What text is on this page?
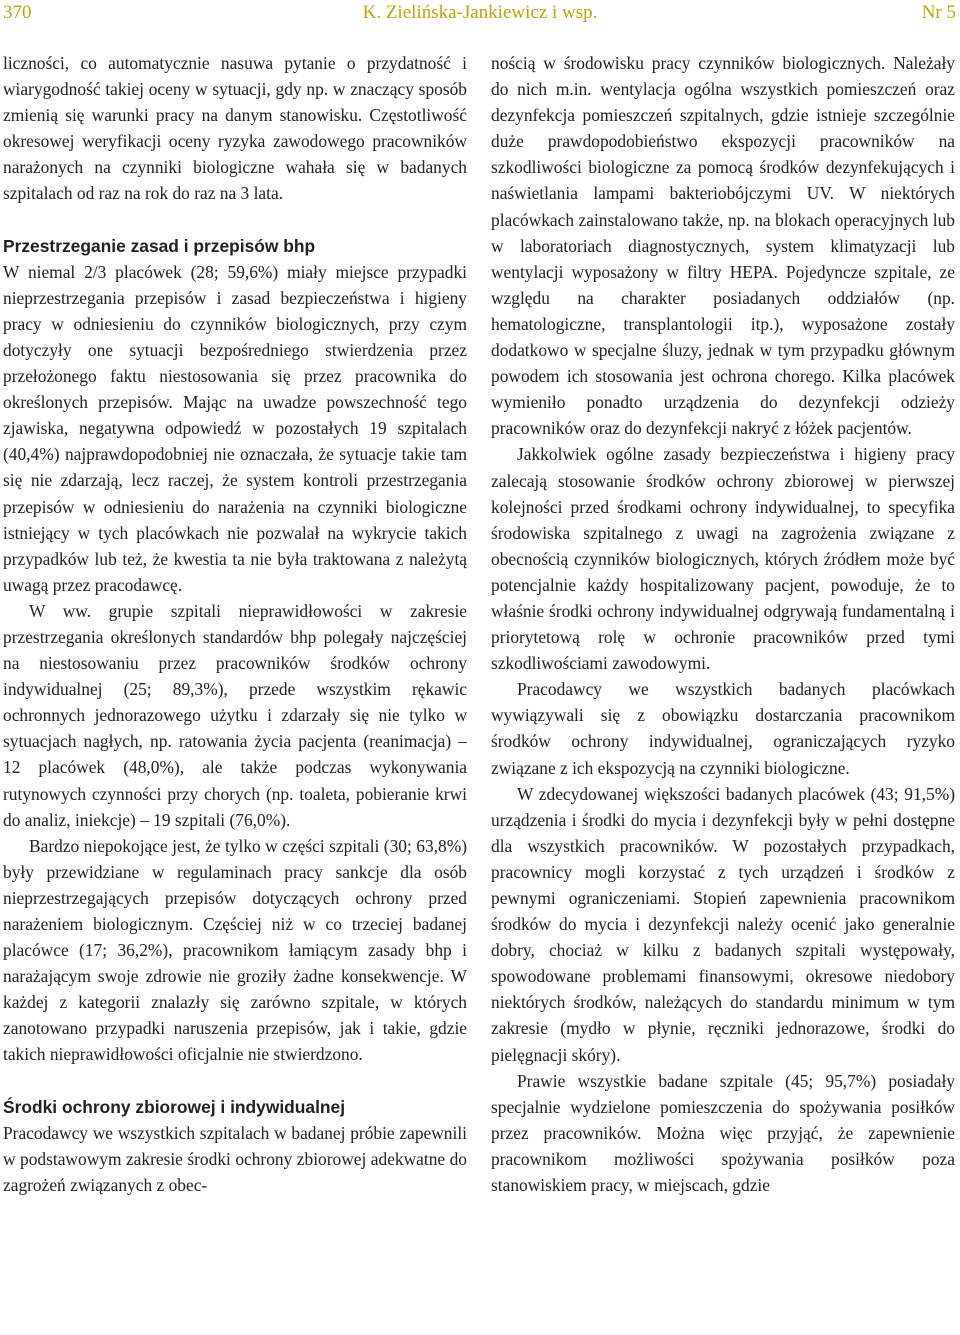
370	K. Zielińska-Jankiewicz i wsp.	Nr 5

liczności, co automatycznie nasuwa pytanie o przydatność i wiarygodność takiej oceny w sytuacji, gdy np. w znaczący sposób zmienią się warunki pracy na danym stanowisku. Częstotliwość okresowej weryfikacji oceny ryzyka zawodowego pracowników narażonych na czynniki biologiczne wahała się w badanych szpitalach od raz na rok do raz na 3 lata.

Przestrzeganie zasad i przepisów bhp

W niemal 2/3 placówek (28; 59,6%) miały miejsce przypadki nieprzestrzegania przepisów i zasad bezpieczeństwa i higieny pracy w odniesieniu do czynników biologicznych, przy czym dotyczyły one sytuacji bezpośredniego stwierdzenia przez przełożonego faktu niestosowania się przez pracownika do określonych przepisów. Mając na uwadze powszechność tego zjawiska, negatywna odpowiedź w pozostałych 19 szpitalach (40,4%) najprawdopodobniej nie oznaczała, że sytuacje takie tam się nie zdarzają, lecz raczej, że system kontroli przestrzegania przepisów w odniesieniu do narażenia na czynniki biologiczne istniejący w tych placówkach nie pozwalał na wykrycie takich przypadków lub też, że kwestia ta nie była traktowana z należytą uwagą przez pracodawcę.

W ww. grupie szpitali nieprawidłowości w zakresie przestrzegania określonych standardów bhp polegały najczęściej na niestosowaniu przez pracowników środków ochrony indywidualnej (25; 89,3%), przede wszystkim rękawic ochronnych jednorazowego użytku i zdarzały się nie tylko w sytuacjach nagłych, np. ratowania życia pacjenta (reanimacja) – 12 placówek (48,0%), ale także podczas wykonywania rutynowych czynności przy chorych (np. toaleta, pobieranie krwi do analiz, iniekcje) – 19 szpitali (76,0%).

Bardzo niepokojące jest, że tylko w części szpitali (30; 63,8%) były przewidziane w regulaminach pracy sankcje dla osób nieprzestrzegających przepisów dotyczących ochrony przed narażeniem biologicznym. Częściej niż w co trzeciej badanej placówce (17; 36,2%), pracownikom łamiącym zasady bhp i narażającym swoje zdrowie nie groziły żadne konsekwencje. W każdej z kategorii znalazły się zarówno szpitale, w których zanotowano przypadki naruszenia przepisów, jak i takie, gdzie takich nieprawidłowości oficjalnie nie stwierdzono.

Środki ochrony zbiorowej i indywidualnej

Pracodawcy we wszystkich szpitalach w badanej próbie zapewnili w podstawowym zakresie środki ochrony zbiorowej adekwatne do zagrożeń związanych z obec-

nością w środowisku pracy czynników biologicznych. Należały do nich m.in. wentylacja ogólna wszystkich pomieszczeń oraz dezynfekcja pomieszczeń szpitalnych, gdzie istnieje szczególnie duże prawdopodobieństwo ekspozycji pracowników na szkodliwości biologiczne za pomocą środków dezynfekujących i naświetlania lampami bakteriobójczymi UV. W niektórych placówkach zainstalowano także, np. na blokach operacyjnych lub w laboratoriach diagnostycznych, system klimatyzacji lub wentylacji wyposażony w filtry HEPA. Pojedyncze szpitale, ze względu na charakter posiadanych oddziałów (np. hematologiczne, transplantologii itp.), wyposażone zostały dodatkowo w specjalne śluzy, jednak w tym przypadku głównym powodem ich stosowania jest ochrona chorego. Kilka placówek wymieniło ponadto urządzenia do dezynfekcji odzieży pracowników oraz do dezynfekcji nakryć z łóżek pacjentów.

Jakkolwiek ogólne zasady bezpieczeństwa i higieny pracy zalecają stosowanie środków ochrony zbiorowej w pierwszej kolejności przed środkami ochrony indywidualnej, to specyfika środowiska szpitalnego z uwagi na zagrożenia związane z obecnością czynników biologicznych, których źródłem może być potencjalnie każdy hospitalizowany pacjent, powoduje, że to właśnie środki ochrony indywidualnej odgrywają fundamentalną i priorytetową rolę w ochronie pracowników przed tymi szkodliwościami zawodowymi.

Pracodawcy we wszystkich badanych placówkach wywiązywali się z obowiązku dostarczania pracownikom środków ochrony indywidualnej, ograniczających ryzyko związane z ich ekspozycją na czynniki biologiczne.

W zdecydowanej większości badanych placówek (43; 91,5%) urządzenia i środki do mycia i dezynfekcji były w pełni dostępne dla wszystkich pracowników. W pozostałych przypadkach, pracownicy mogli korzystać z tych urządzeń i środków z pewnymi ograniczeniami. Stopień zapewnienia pracownikom środków do mycia i dezynfekcji należy ocenić jako generalnie dobry, chociaż w kilku z badanych szpitali występowały, spowodowane problemami finansowymi, okresowe niedobory niektórych środków, należących do standardu minimum w tym zakresie (mydło w płynie, ręczniki jednorazowe, środki do pielęgnacji skóry).

Prawie wszystkie badane szpitale (45; 95,7%) posiadały specjalnie wydzielone pomieszczenia do spożywania posiłków przez pracowników. Można więc przyjąć, że zapewnienie pracownikom możliwości spożywania posiłków poza stanowiskiem pracy, w miejscach, gdzie
